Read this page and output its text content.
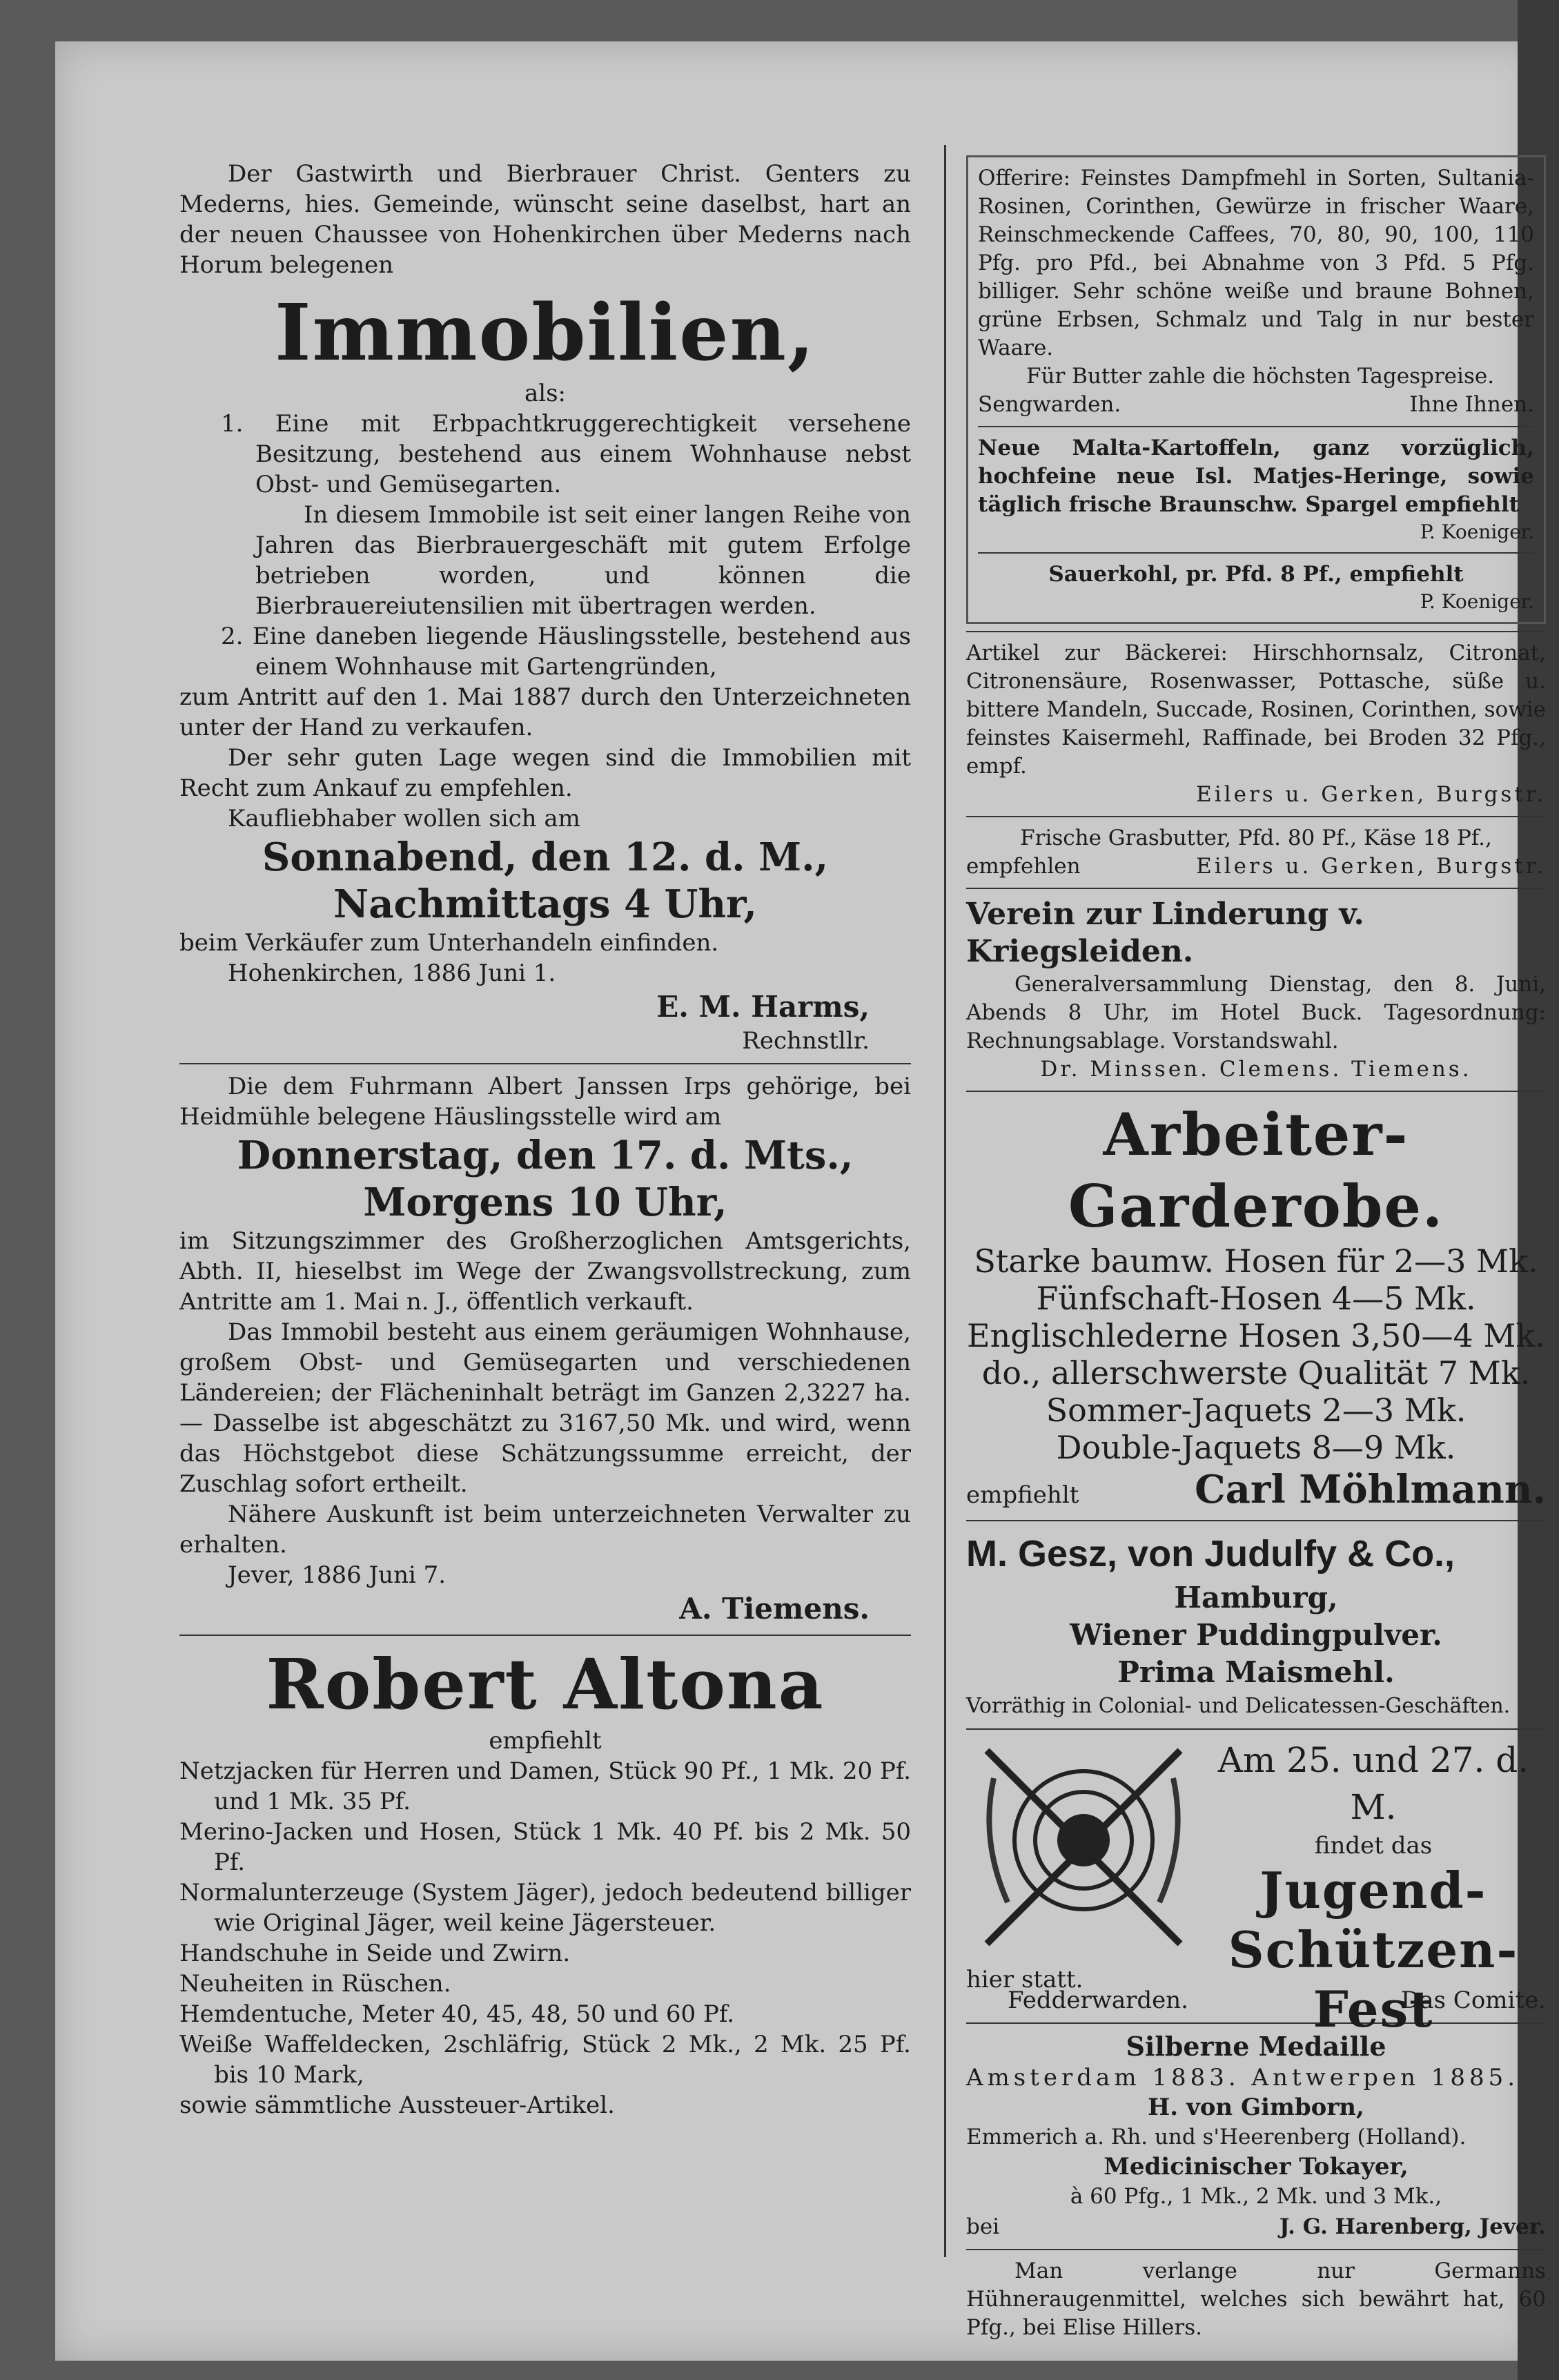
Der Gastwirth und Bierbrauer Christ. Genters zu Mederns, hies. Gemeinde, wünscht seine daselbst, hart an der neuen Chaussee von Hohenkirchen über Mederns nach Horum belegenen

Immobilien,

als:

1. Eine mit Erbpachtkruggerechtigkeit versehene Besitzung, bestehend aus einem Wohnhause nebst Obst- und Gemüsegarten.

In diesem Immobile ist seit einer langen Reihe von Jahren das Bierbrauergeschäft mit gutem Erfolge betrieben worden, und können die Bierbrauereiutensilien mit übertragen werden.

2. Eine daneben liegende Häuslingsstelle, bestehend aus einem Wohnhause mit Gartengründen,

zum Antritt auf den 1. Mai 1887 durch den Unterzeichneten unter der Hand zu verkaufen.

Der sehr guten Lage wegen sind die Immobilien mit Recht zum Ankauf zu empfehlen.

Kaufliebhaber wollen sich am

Sonnabend, den 12. d. M.,

Nachmittags 4 Uhr,

beim Verkäufer zum Unterhandeln einfinden.

Hohenkirchen, 1886 Juni 1.

E. M. Harms,

Rechnstllr.

Die dem Fuhrmann Albert Janssen Irps gehörige, bei Heidmühle belegene Häuslingsstelle wird am

Donnerstag, den 17. d. Mts.,

Morgens 10 Uhr,

im Sitzungszimmer des Großherzoglichen Amtsgerichts, Abth. II, hieselbst im Wege der Zwangsvollstreckung, zum Antritte am 1. Mai n. J., öffentlich verkauft.

Das Immobil besteht aus einem geräumigen Wohnhause, großem Obst- und Gemüsegarten und verschiedenen Ländereien; der Flächeninhalt beträgt im Ganzen 2,3227 ha. — Dasselbe ist abgeschätzt zu 3167,50 Mk. und wird, wenn das Höchstgebot diese Schätzungssumme erreicht, der Zuschlag sofort ertheilt.

Nähere Auskunft ist beim unterzeichneten Verwalter zu erhalten.

Jever, 1886 Juni 7.

A. Tiemens.

Robert Altona

empfiehlt

Netzjacken für Herren und Damen, Stück 90 Pf., 1 Mk. 20 Pf. und 1 Mk. 35 Pf.

Merino-Jacken und Hosen, Stück 1 Mk. 40 Pf. bis 2 Mk. 50 Pf.

Normalunterzeuge (System Jäger), jedoch bedeutend billiger wie Original Jäger, weil keine Jägersteuer.

Handschuhe in Seide und Zwirn.

Neuheiten in Rüschen.

Hemdentuche, Meter 40, 45, 48, 50 und 60 Pf.

Weiße Waffeldecken, 2schläfrig, Stück 2 Mk., 2 Mk. 25 Pf. bis 10 Mark,

sowie sämmtliche Aussteuer-Artikel.

Offerire: Feinstes Dampfmehl in Sorten, Sultania-Rosinen, Corinthen, Gewürze in frischer Waare, Reinschmeckende Caffees, 70, 80, 90, 100, 110 Pfg. pro Pfd., bei Abnahme von 3 Pfd. 5 Pfg. billiger. Sehr schöne weiße und braune Bohnen, grüne Erbsen, Schmalz und Talg in nur bester Waare.

Für Butter zahle die höchsten Tagespreise.

Sengwarden.	Ihne Ihnen.

Neue Malta-Kartoffeln, ganz vorzüglich, hochfeine neue Isl. Matjes-Heringe, sowie täglich frische Braunschw. Spargel empfiehlt

P. Koeniger.

Sauerkohl, pr. Pfd. 8 Pf., empfiehlt

P. Koeniger.

Artikel zur Bäckerei: Hirschhornsalz, Citronat, Citronensäure, Rosenwasser, Pottasche, süße u. bittere Mandeln, Succade, Rosinen, Corinthen, sowie feinstes Kaisermehl, Raffinade, bei Broden 32 Pfg., empf.

Eilers u. Gerken, Burgstr.

Frische Grasbutter, Pfd. 80 Pf., Käse 18 Pf.,

empfehlen	Eilers u. Gerken, Burgstr.

Verein zur Linderung v. Kriegsleiden.

Generalversammlung Dienstag, den 8. Juni, Abends 8 Uhr, im Hotel Buck. Tagesordnung: Rechnungsablage. Vorstandswahl.

Dr. Minssen. Clemens. Tiemens.

Arbeiter-Garderobe.

Starke baumw. Hosen für 2—3 Mk.

Fünfschaft-Hosen 4—5 Mk.

Englischlederne Hosen 3,50—4 Mk.

do., allerschwerste Qualität 7 Mk.

Sommer-Jaquets 2—3 Mk.

Double-Jaquets 8—9 Mk.

empfiehlt	Carl Möhlmann.

M. Gesz, von Judulfy & Co.,

Hamburg,

Wiener Puddingpulver.

Prima Maismehl.

Vorräthig in Colonial- und Delicatessen-Geschäften.

Am 25. und 27. d. M.

findet das

Jugend-

Schützen-Fest

hier statt.

Fedderwarden.	Das Comite.

Silberne Medaille

Amsterdam 1883. Antwerpen 1885.

H. von Gimborn,

Emmerich a. Rh. und s'Heerenberg (Holland).

Medicinischer Tokayer,

à 60 Pfg., 1 Mk., 2 Mk. und 3 Mk.,

bei	J. G. Harenberg, Jever.

Man verlange nur Germanns Hühneraugenmittel, welches sich bewährt hat, 60 Pfg., bei Elise Hillers.
